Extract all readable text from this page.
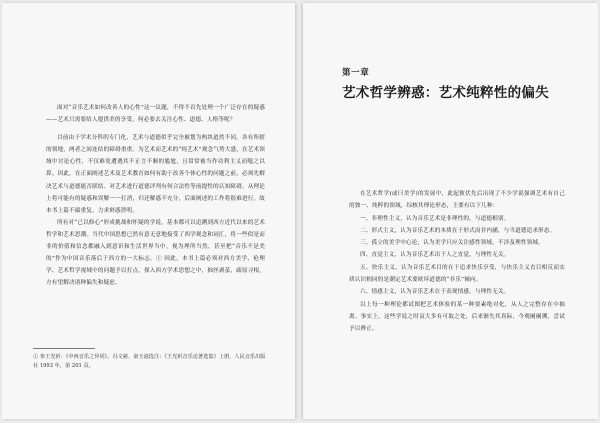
面对“音乐艺术如何改善人的心性”这一议题，不得不首先处理一个广泛存在的疑惑——艺术只需要给人提供美的享受，何必要去关注心性、道德、人格等呢？

目前由于学术分科的专门化，艺术与道德似乎完全被划为两块道然不同，各有所辖的领地，两者之间连结的障碍重重。为艺术而艺术的“纯艺术”观念气势大盛，在艺术领域中讨论心性，不仅难免遭遇其不正言不顺的尴尬，且常常被当作功利主义而嗤之以鼻。因此，在正面阐述艺术及艺术教育如何有助于改善个体心性的问题之前，必须先解决艺术与道德能否联结、对艺术进行道德评判有何合法性等前提性的认知障碍，从理论上将可能有的疑惑和误解一一打消，归还解惑不充分，后面阐述的工作将很难进行。故本书上篇不揣重复，力求辩惑澄明。

所有对“已以修心”形成挑战和怀疑的学说，基本都可以追溯到西方近代以来的艺术哲学和艺术思潮。当代中国思想已然有意无意地接受了西学观念和词汇，将一些似是而非的价值和信念都融入到意识和生活世界当中，视为理所当然，甚至把“音乐不是美的”作为中国音乐落后于西方的一大标志。① 因此，本书上篇必须对西方美学、伦理学、艺术哲学视域中的问题予以打点，探入西方学术思想之中，抽丝剥茧，疏原寻根，方有望解决诸种偏失和疑虑。

① 参王光祈：《中西音乐之异同》，冯文慈、俞玉滋选注：《王光祈音乐论著选集》上册，人民音乐出版社 1993 年，第 201 页。
第一章
艺术哲学辨惑：艺术纯粹性的偏失

在艺术哲学(或曰美学)的发展中，此起彼伏先后出现了不少学说强调艺术有自己的独一、纯粹的领域，综核其理论形态，主要有以下几种：

一、非理性主义，认为音乐艺术是非理性的，与道德相别。

二、形式主义，认为音乐艺术的本质在于形式而非内涵，与当道德追求形态。

三、孤立的美学中心论，认为美学只应关注感性领域，不涉及理性领域。

四、直觉主义，认为音乐艺术出于人之直觉，与理性无关。

五、快乐主义，认为音乐艺术目的在于追求快乐享受，与快乐主义直目相反而实质认识相同的是潮定艺术要欧坏道德的“非乐”倾向。

六、情感主义，认为音乐艺术在于表现情感，与理性无关。

以上每一种理论都试图把艺术体验的某一种要素绝对化，从人之完整存在中抽离。事实上，这些学说之时哀大多有可取之处，后来渐失其真际，今观阑阑溯，尝试予以辨正。
